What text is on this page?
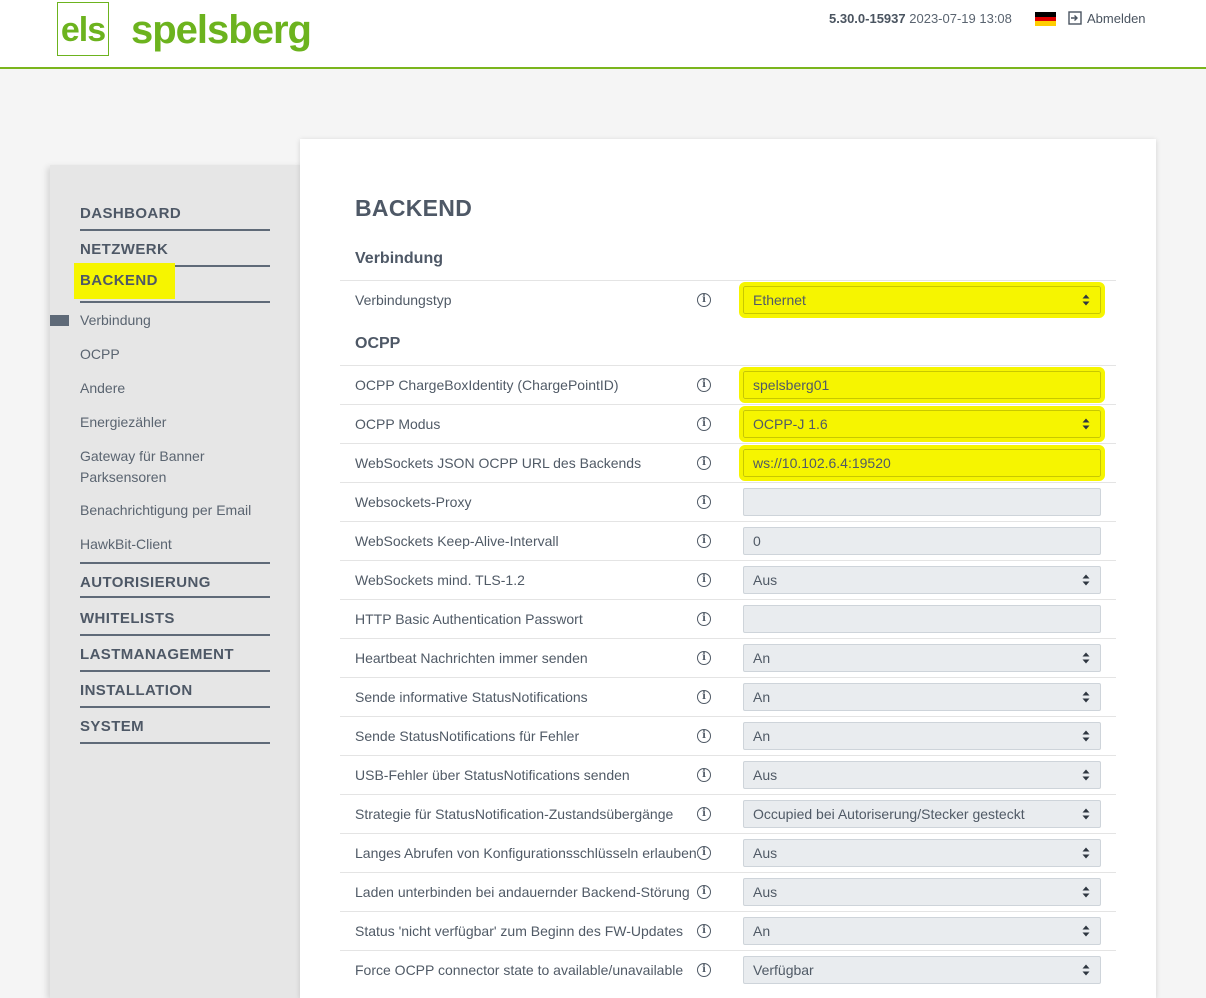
els spelsberg	5.30.0-15937 2023-07-19 13:08	Abmelden
DASHBOARD
NETZWERK
BACKEND
Verbindung
OCPP
Andere
Energiezähler
Gateway für Banner Parksensoren
Benachrichtigung per Email
HawkBit-Client
AUTORISIERUNG
WHITELISTS
LASTMANAGEMENT
INSTALLATION
SYSTEM
BACKEND
Verbindung
OCPP
Verbindungstyp	i	Ethernet
OCPP ChargeBoxIdentity (ChargePointID)	i	spelsberg01
OCPP Modus	i	OCPP-J 1.6
WebSockets JSON OCPP URL des Backends	i	ws://10.102.6.4:19520
Websockets-Proxy	i
WebSockets Keep-Alive-Intervall	i	0
WebSockets mind. TLS-1.2	i	Aus
HTTP Basic Authentication Passwort	i
Heartbeat Nachrichten immer senden	i	An
Sende informative StatusNotifications	i	An
Sende StatusNotifications für Fehler	i	An
USB-Fehler über StatusNotifications senden	i	Aus
Strategie für StatusNotification-Zustandsübergänge	i	Occupied bei Autoriserung/Stecker gesteckt
Langes Abrufen von Konfigurationsschlüsseln erlauben i	Aus
Laden unterbinden bei andauernder Backend-Störung	i	Aus
Status 'nicht verfügbar' zum Beginn des FW-Updates	i	An
Force OCPP connector state to available/unavailable	i	Verfügbar
